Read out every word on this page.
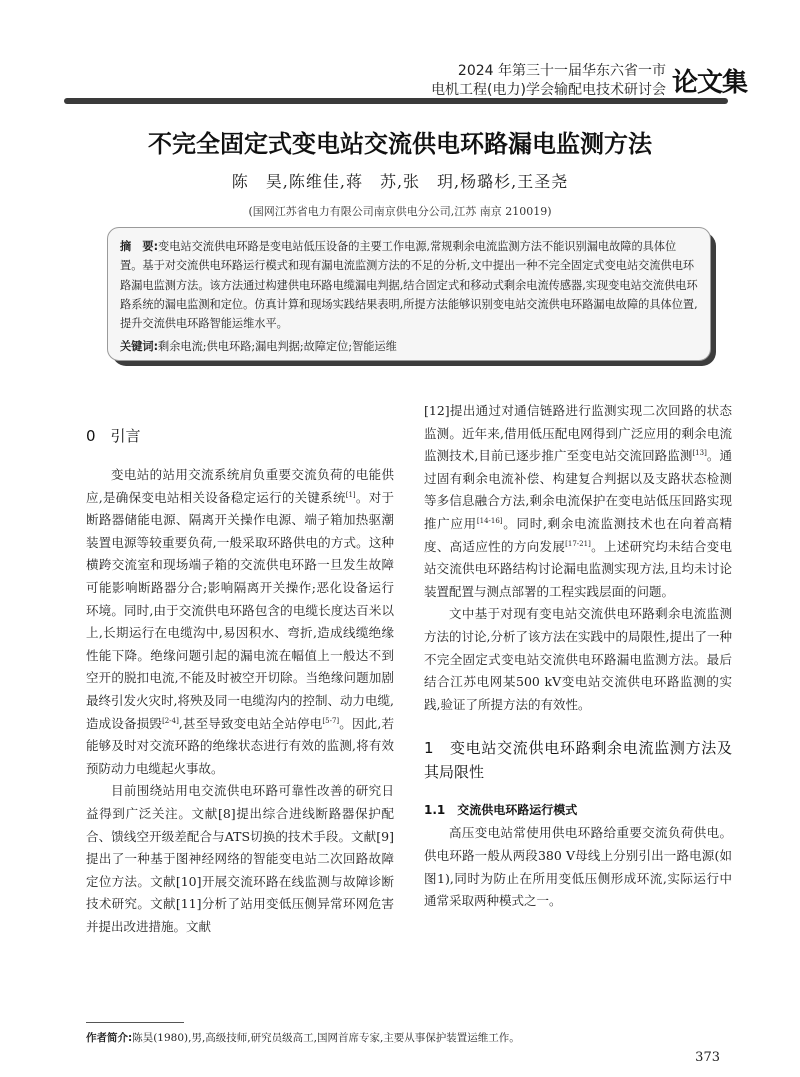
2024 年第三十一届华东六省一市
电机工程(电力)学会输配电技术研讨会 论文集
不完全固定式变电站交流供电环路漏电监测方法
陈　昊,陈维佳,蒋　苏,张　玥,杨璐杉,王圣尧
(国网江苏省电力有限公司南京供电分公司,江苏 南京 210019)
摘　要:变电站交流供电环路是变电站低压设备的主要工作电源,常规剩余电流监测方法不能识别漏电故障的具体位置。基于对交流供电环路运行模式和现有漏电流监测方法的不足的分析,文中提出一种不完全固定式变电站交流供电环路漏电监测方法。该方法通过构建供电环路电缆漏电判据,结合固定式和移动式剩余电流传感器,实现变电站交流供电环路系统的漏电监测和定位。仿真计算和现场实践结果表明,所提方法能够识别变电站交流供电环路漏电故障的具体位置,提升交流供电环路智能运维水平。
关键词:剩余电流;供电环路;漏电判据;故障定位;智能运维

0　引言

变电站的站用交流系统肩负重要交流负荷的电能供应,是确保变电站相关设备稳定运行的关键系统[1]。对于断路器储能电源、隔离开关操作电源、端子箱加热驱潮装置电源等较重要负荷,一般采取环路供电的方式。这种横跨交流室和现场端子箱的交流供电环路一旦发生故障可能影响断路器分合;影响隔离开关操作;恶化设备运行环境。同时,由于交流供电环路包含的电缆长度达百米以上,长期运行在电缆沟中,易因积水、弯折,造成线缆绝缘性能下降。绝缘问题引起的漏电流在幅值上一般达不到空开的脱扣电流,不能及时被空开切除。当绝缘问题加剧最终引发火灾时,将殃及同一电缆沟内的控制、动力电缆,造成设备损毁[2-4],甚至导致变电站全站停电[5-7]。因此,若能够及时对交流环路的绝缘状态进行有效的监测,将有效预防动力电缆起火事故。

目前围绕站用电交流供电环路可靠性改善的研究日益得到广泛关注。文献[8]提出综合进线断路器保护配合、馈线空开级差配合与ATS切换的技术手段。文献[9]提出了一种基于图神经网络的智能变电站二次回路故障定位方法。文献[10]开展交流环路在线监测与故障诊断技术研究。文献[11]分析了站用变低压侧异常环网危害并提出改进措施。文献

[12]提出通过对通信链路进行监测实现二次回路的状态监测。近年来,借用低压配电网得到广泛应用的剩余电流监测技术,目前已逐步推广至变电站交流回路监测[13]。通过固有剩余电流补偿、构建复合判据以及支路状态检测等多信息融合方法,剩余电流保护在变电站低压回路实现推广应用[14-16]。同时,剩余电流监测技术也在向着高精度、高适应性的方向发展[17-21]。上述研究均未结合变电站交流供电环路结构讨论漏电监测实现方法,且均未讨论装置配置与测点部署的工程实践层面的问题。

文中基于对现有变电站交流供电环路剩余电流监测方法的讨论,分析了该方法在实践中的局限性,提出了一种不完全固定式变电站交流供电环路漏电监测方法。最后结合江苏电网某500 kV变电站交流供电环路监测的实践,验证了所提方法的有效性。

1　变电站交流供电环路剩余电流监测方法及其局限性

1.1　交流供电环路运行模式

高压变电站常使用供电环路给重要交流负荷供电。供电环路一般从两段380 V母线上分别引出一路电源(如图1),同时为防止在所用变低压侧形成环流,实际运行中通常采取两种模式之一。

作者简介:陈昊(1980),男,高级技师,研究员级高工,国网首席专家,主要从事保护装置运维工作。
373
